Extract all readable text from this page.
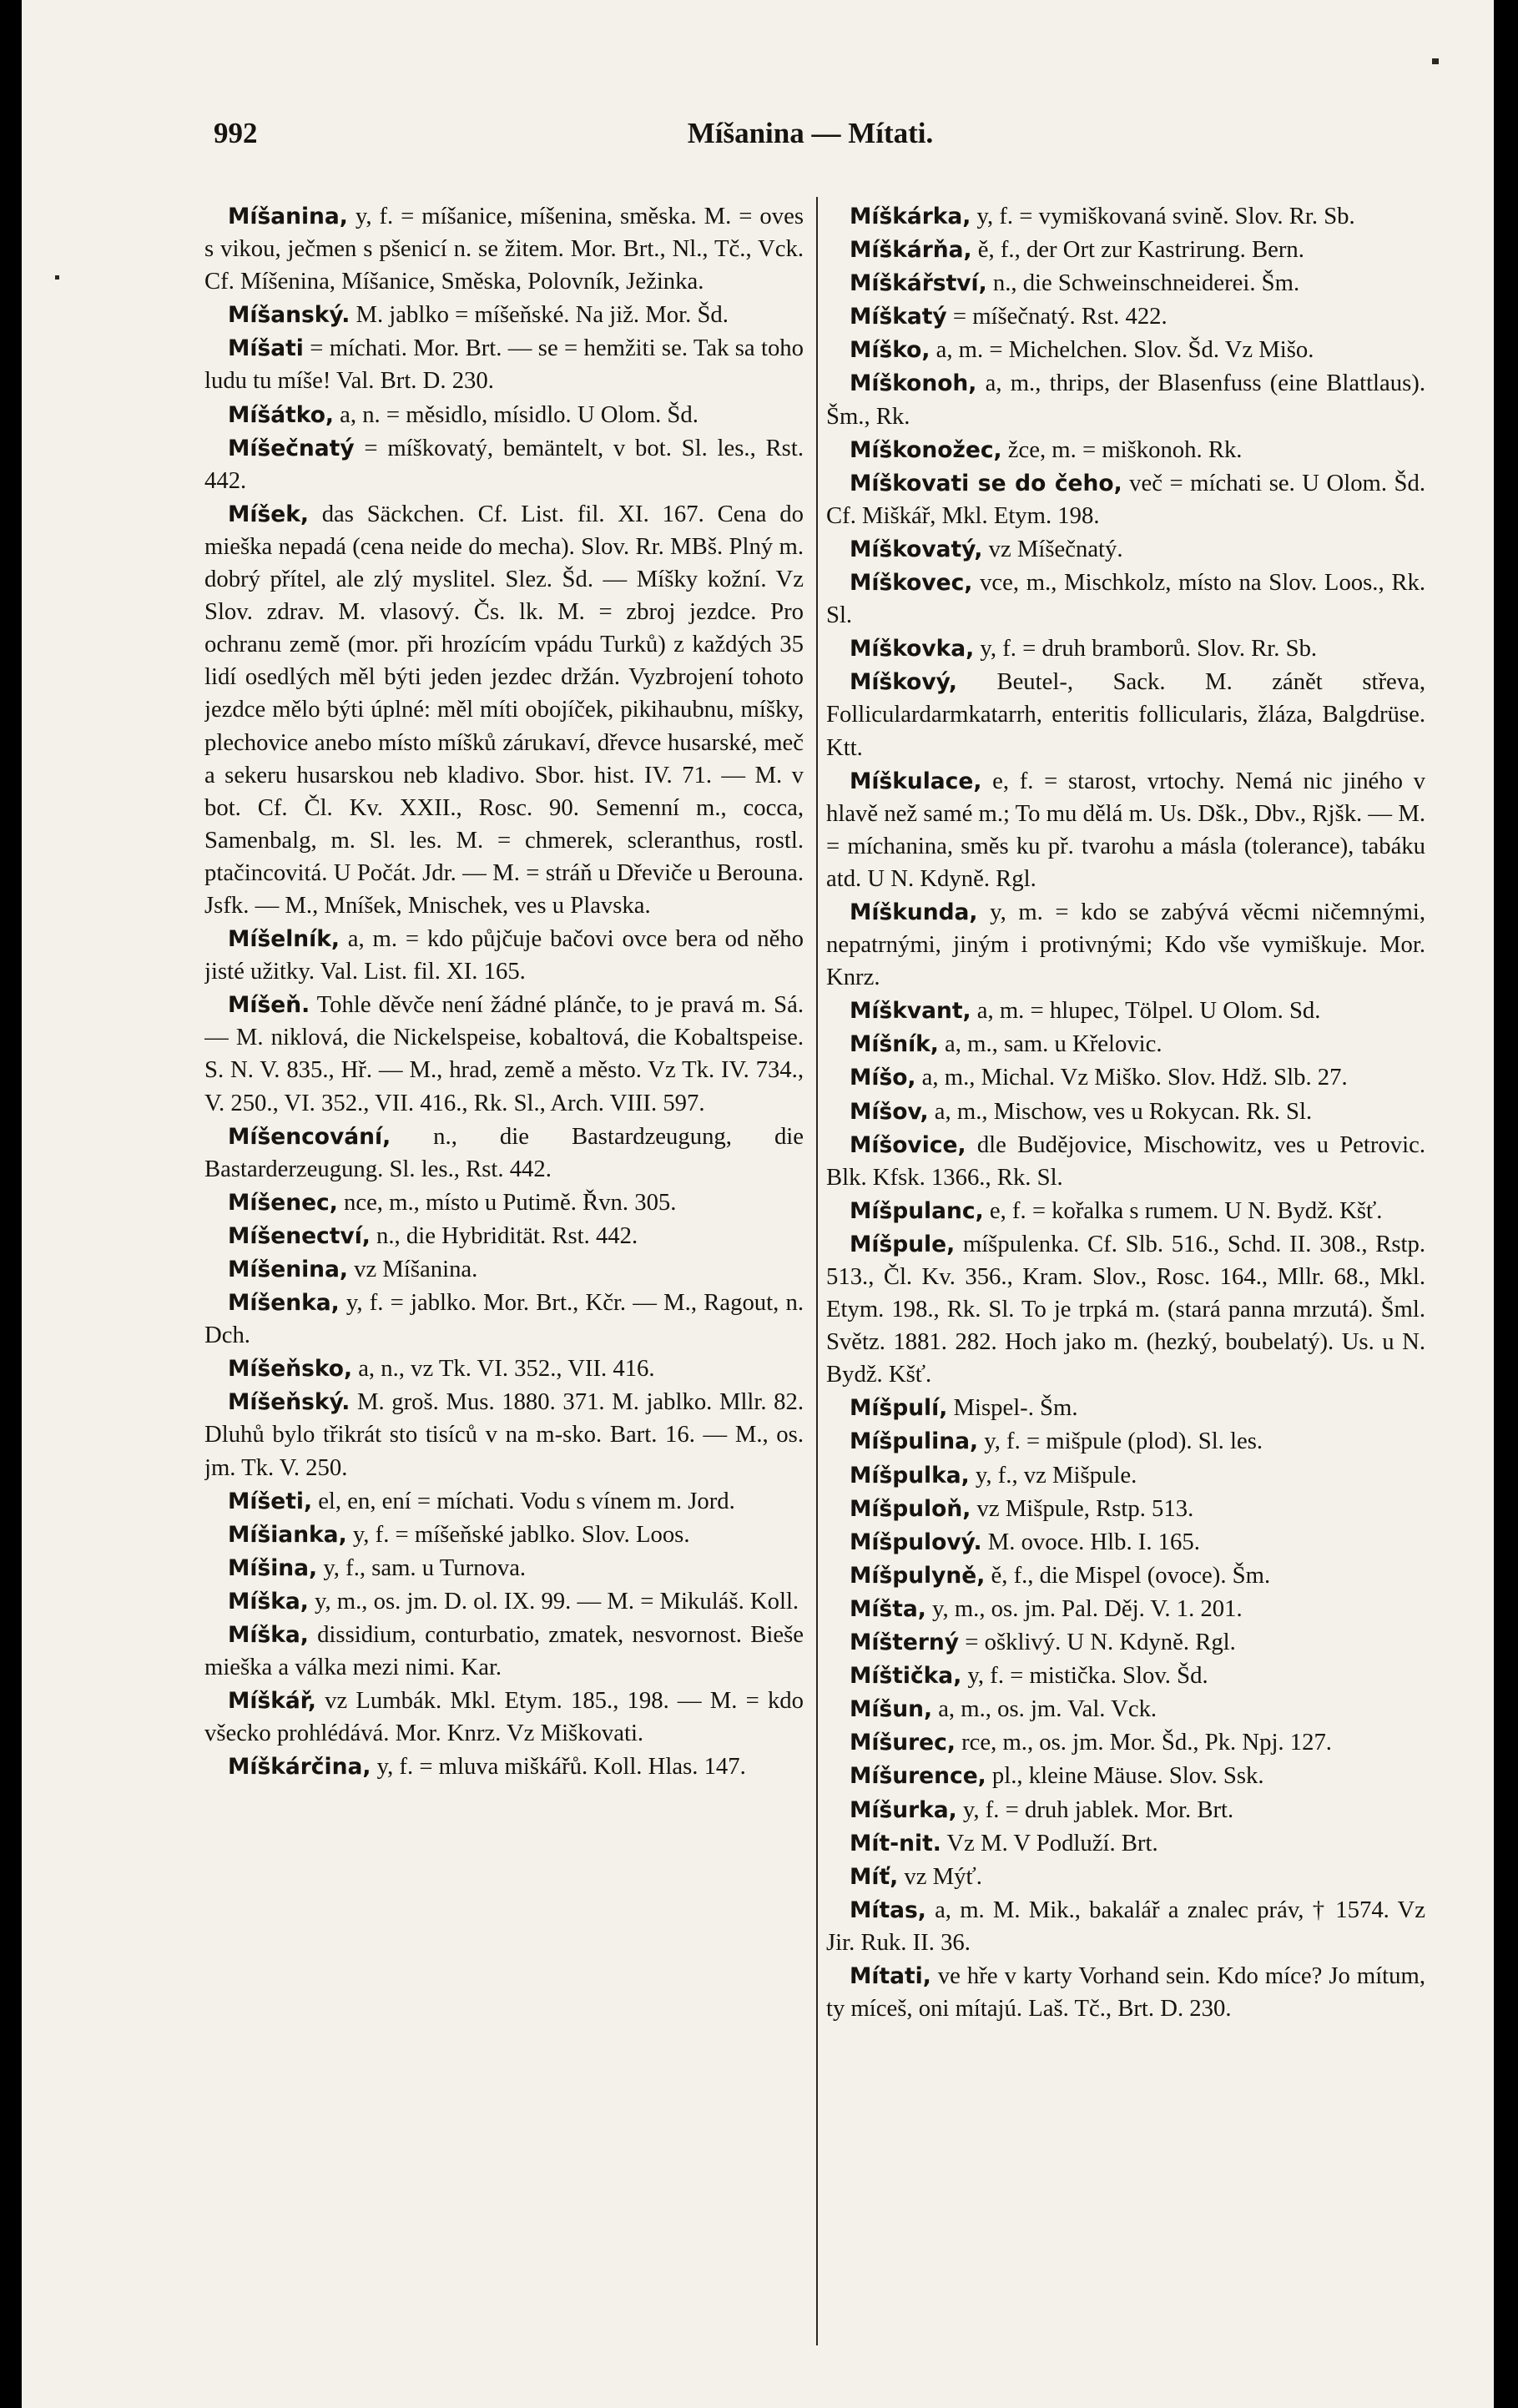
992	Míšanina — Mítati.
Míšanina, y, f. = míšanice, míšenina, směska. M. = oves s vikou, ječmen s pšenicí n. se žitem. Mor. Brt., Nl., Tč., Vck. Cf. Míšenina, Míšanice, Směska, Polovník, Ježinka.
Míšanský. M. jablko = míšeňské. Na již. Mor. Šd.
Míšati = míchati. Mor. Brt. — se = hemžiti se. Tak sa toho ludu tu míše! Val. Brt. D. 230.
Míšátko, a, n. = měsidlo, mísidlo. U Olom. Šd.
Míšečnatý = míškovatý, bemäntelt, v bot. Sl. les., Rst. 442.
Míšek, das Säckchen. Cf. List. fil. XI. 167. Cena do mieška nepadá (cena neide do mecha). Slov. Rr. MBš. Plný m. dobrý přítel, ale zlý myslitel. Slez. Šd. — Míšky kožní. Vz Slov. zdrav. M. vlasový. Čs. lk. M. = zbroj jezdce. Pro ochranu země (mor. při hrozícím vpádu Turků) z každých 35 lidí osedlých měl býti jeden jezdec držán. Vyzbrojení tohoto jezdce mělo býti úplné: měl míti obojíček, pikihaubnu, míšky, plechovice anebo místo míšků zárukaví, dřevce husarské, meč a sekeru husarskou neb kladivo. Sbor. hist. IV. 71. — M. v bot. Cf. Čl. Kv. XXII., Rosc. 90. Semenní m., cocca, Samenbalg, m. Sl. les. M. = chmerek, scleranthus, rostl. ptačincovitá. U Počát. Jdr. — M. = stráň u Dřeviče u Berouna. Jsfk. — M., Mníšek, Mnischek, ves u Plavska.
Míšelník, a, m. = kdo půjčuje bačovi ovce bera od něho jisté užitky. Val. List. fil. XI. 165.
Míšeň. Tohle děvče není žádné plánče, to je pravá m. Sá. — M. niklová, die Nickelspeise, kobaltová, die Kobaltspeise. S. N. V. 835., Hř. — M., hrad, země a město. Vz Tk. IV. 734., V. 250., VI. 352., VII. 416., Rk. Sl., Arch. VIII. 597.
Míšencování, n., die Bastardzeugung, die Bastarderzeugung. Sl. les., Rst. 442.
Míšenec, nce, m., místo u Putimě. Řvn. 305.
Míšenectví, n., die Hybridität. Rst. 442.
Míšenina, vz Míšanina.
Míšenka, y, f. = jablko. Mor. Brt., Kčr. — M., Ragout, n. Dch.
Míšeňsko, a, n., vz Tk. VI. 352., VII. 416.
Míšeňský. M. groš. Mus. 1880. 371. M. jablko. Mllr. 82. Dluhů bylo třikrát sto tisíců v na m-sko. Bart. 16. — M., os. jm. Tk. V. 250.
Míšeti, el, en, ení = míchati. Vodu s vínem m. Jord.
Míšianka, y, f. = míšeňské jablko. Slov. Loos.
Míšina, y, f., sam. u Turnova.
Míška, y, m., os. jm. D. ol. IX. 99. — M. = Mikuláš. Koll.
Míška, dissidium, conturbatio, zmatek, nesvornost. Bieše mieška a válka mezi nimi. Kar.
Míškář, vz Lumbák. Mkl. Etym. 185., 198. — M. = kdo všecko prohlédává. Mor. Knrz. Vz Miškovati.
Míškárčina, y, f. = mluva miškářů. Koll. Hlas. 147.
Míškárka, y, f. = vymiškovaná svině. Slov. Rr. Sb.
Míškárňa, ě, f., der Ort zur Kastrirung. Bern.
Míškářství, n., die Schweinschneiderei. Šm.
Míškatý = míšečnatý. Rst. 422.
Míško, a, m. = Michelchen. Slov. Šd. Vz Mišo.
Míškonoh, a, m., thrips, der Blasenfuss (eine Blattlaus). Šm., Rk.
Míškonožec, žce, m. = miškonoh. Rk.
Míškovati se do čeho, več = míchati se. U Olom. Šd. Cf. Miškář, Mkl. Etym. 198.
Míškovatý, vz Míšečnatý.
Míškovec, vce, m., Mischkolz, místo na Slov. Loos., Rk. Sl.
Míškovka, y, f. = druh bramborů. Slov. Rr. Sb.
Míškový, Beutel-, Sack. M. zánět střeva, Folliculardarmkatarrh, enteritis follicularis, žláza, Balgdrüse. Ktt.
Míškulace, e, f. = starost, vrtochy. Nemá nic jiného v hlavě než samé m.; To mu dělá m. Us. Dšk., Dbv., Rjšk. — M. = míchanina, směs ku př. tvarohu a másla (tolerance), tabáku atd. U N. Kdyně. Rgl.
Míškunda, y, m. = kdo se zabývá věcmi ničemnými, nepatrnými, jiným i protivnými; Kdo vše vymiškuje. Mor. Knrz.
Míškvant, a, m. = hlupec, Tölpel. U Olom. Sd.
Míšník, a, m., sam. u Křelovic.
Míšo, a, m., Michal. Vz Miško. Slov. Hdž. Slb. 27.
Míšov, a, m., Mischow, ves u Rokycan. Rk. Sl.
Míšovice, dle Budějovice, Mischowitz, ves u Petrovic. Blk. Kfsk. 1366., Rk. Sl.
Míšpulanc, e, f. = kořalka s rumem. U N. Bydž. Kšť.
Míšpule, míšpulenka. Cf. Slb. 516., Schd. II. 308., Rstp. 513., Čl. Kv. 356., Kram. Slov., Rosc. 164., Mllr. 68., Mkl. Etym. 198., Rk. Sl. To je trpká m. (stará panna mrzutá). Šml. Světz. 1881. 282. Hoch jako m. (hezký, boubelatý). Us. u N. Bydž. Kšť.
Míšpulí, Mispel-. Šm.
Míšpulina, y, f. = mišpule (plod). Sl. les.
Míšpulka, y, f., vz Mišpule.
Míšpuloň, vz Mišpule, Rstp. 513.
Míšpulový. M. ovoce. Hlb. I. 165.
Míšpulyně, ě, f., die Mispel (ovoce). Šm.
Míšta, y, m., os. jm. Pal. Děj. V. 1. 201.
Míšterný = ošklivý. U N. Kdyně. Rgl.
Míštička, y, f. = mistička. Slov. Šd.
Míšun, a, m., os. jm. Val. Vck.
Míšurec, rce, m., os. jm. Mor. Šd., Pk. Npj. 127.
Míšurence, pl., kleine Mäuse. Slov. Ssk.
Míšurka, y, f. = druh jablek. Mor. Brt.
Mít-nit. Vz M. V Podluží. Brt.
Míť, vz Mýť.
Mítas, a, m. M. Mik., bakalář a znalec práv, † 1574. Vz Jir. Ruk. II. 36.
Mítati, ve hře v karty Vorhand sein. Kdo míce? Jo mítum, ty míceš, oni mítajú. Laš. Tč., Brt. D. 230.
